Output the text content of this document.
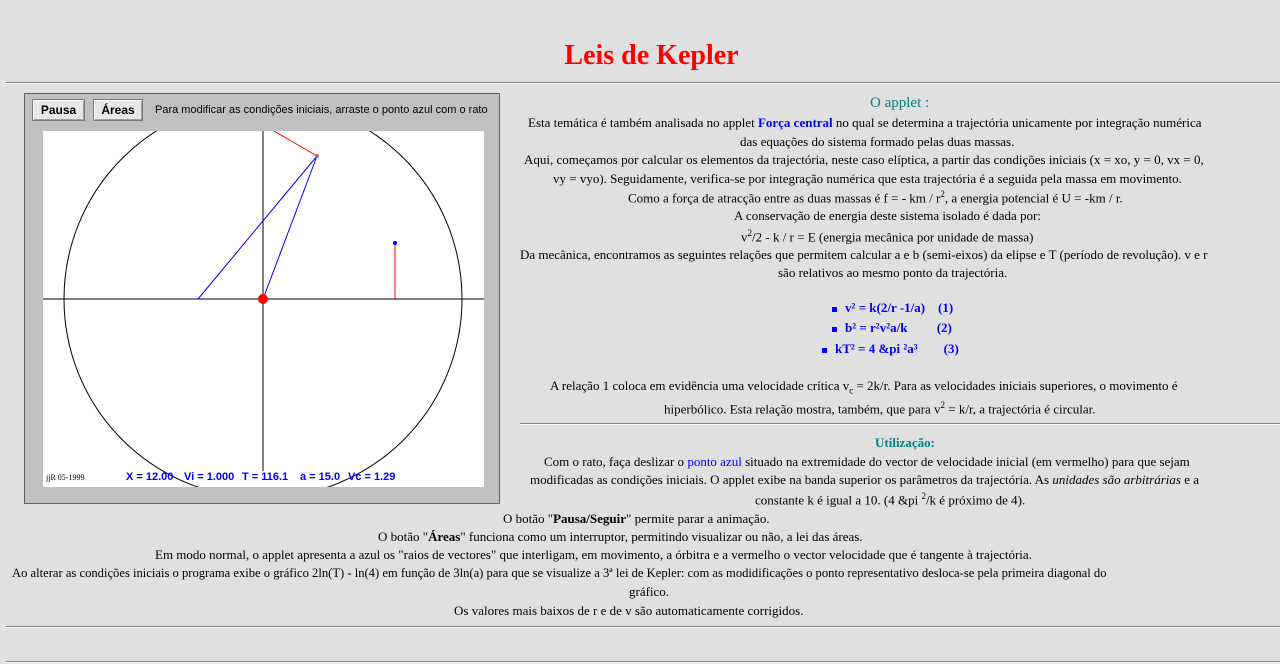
Leis de Kepler
Pausa	Áreas	Para modificar as condições iniciais, arraste o ponto azul com o rato
jjR 05-1999	X = 12.00 Vi = 1.000 T = 116.1 a = 15.0 Vc = 1.29
O applet :
Esta temática é também analisada no applet Força central no qual se determina a trajectória unicamente por integração numérica
das equações do sistema formado pelas duas massas.
Aqui, começamos por calcular os elementos da trajectória, neste caso elíptica, a partir das condições iniciais (x = xo, y = 0, vx = 0,
vy = vyo). Seguidamente, verifica-se por integração numérica que esta trajectória é a seguida pela massa em movimento.
Como a força de atracção entre as duas massas é f = - km / $r^2$, a energia potencial é U = -km / r.
A conservação de energia deste sistema isolado é dada por:
$v^2/2 - k / r = E$ (energia mecânica por unidade de massa)
Da mecânica, encontramos as seguintes relações que permitem calcular a e b (semi-eixos) da elipse e T (período de revolução). v e r
são relativos ao mesmo ponto da trajectória.
v² = k(2/r -1/a)    (1)
b² = r²v²a/k         (2)
kT² = 4 &pi ²a³        (3)
A relação 1 coloca em evidência uma velocidade crítica $v_c = 2k/r$. Para as velocidades iniciais superiores, o movimento é
hiperbólico. Esta relação mostra, também, que para $v^2 = k/r$, a trajectória é circular.
Utilização:
Com o rato, faça deslizar o ponto azul situado na extremidade do vector de velocidade inicial (em vermelho) para que sejam
modificadas as condições iniciais. O applet exibe na banda superior os parâmetros da trajectória. As unidades são arbitrárias e a
constante k é igual a 10. (4 &pi $^2$/k é próximo de 4).
O botão "Pausa/Seguir" permite parar a animação.
O botão "Áreas" funciona como um interruptor, permitindo visualizar ou não, a lei das áreas.
Em modo normal, o applet apresenta a azul os "raios de vectores" que interligam, em movimento, a órbitra e a vermelho o vector velocidade que é tangente à trajectória.
Ao alterar as condições iniciais o programa exibe o gráfico 2ln(T) - ln(4) em função de 3ln(a) para que se visualize a 3ª lei de Kepler: com as modidificações o ponto representativo desloca-se pela primeira diagonal do
gráfico.
Os valores mais baixos de r e de v são automaticamente corrigidos.
